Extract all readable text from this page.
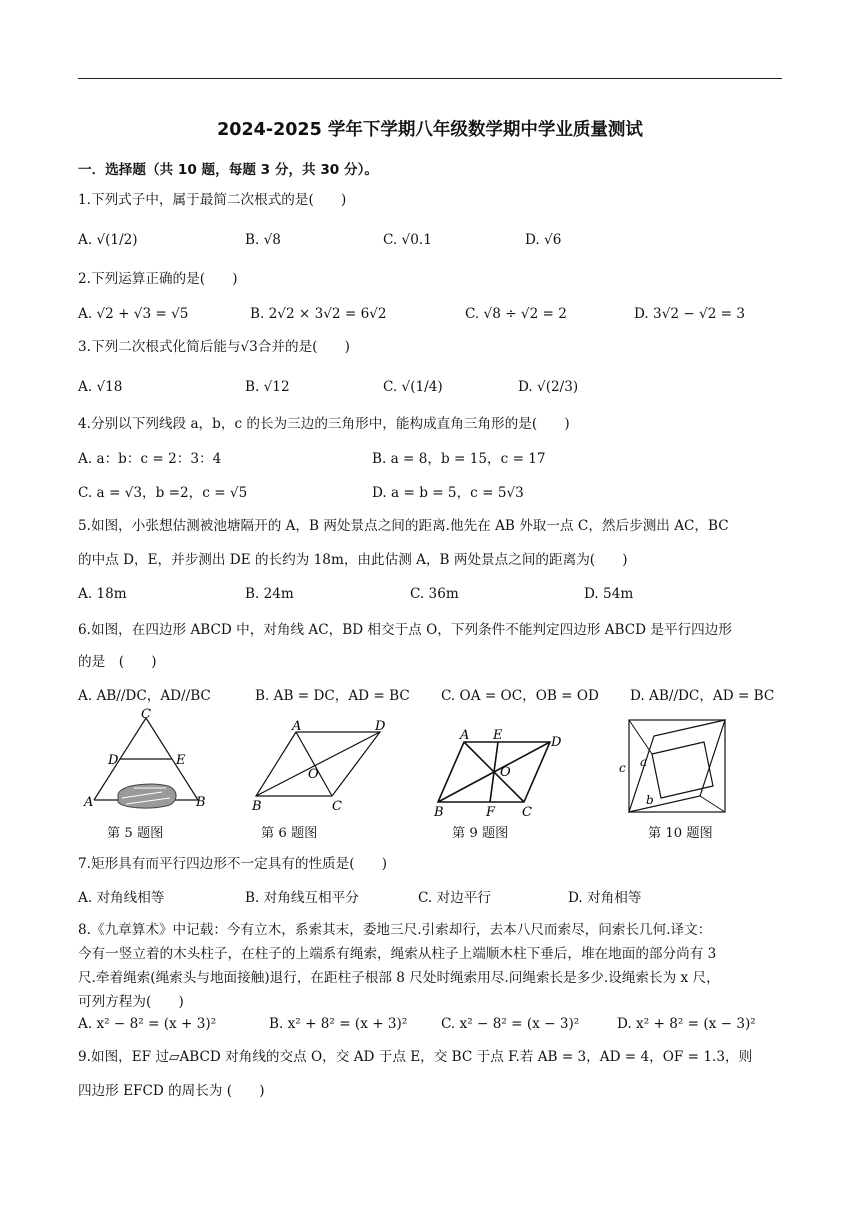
2024-2025 学年下学期八年级数学期中学业质量测试
一．选择题（共 10 题，每题 3 分，共 30 分）。
1.下列式子中，属于最简二次根式的是(　　)
A. √(1/2)	B. √8	C. √0.1	D. √6
2.下列运算正确的是(　　)
A. √2 + √3 = √5	B. 2√2 × 3√2 = 6√2	C. √8 ÷ √2 = 2	D. 3√2 − √2 = 3
3.下列二次根式化简后能与√3合并的是(　　)
A. √18	B. √12	C. √(1/4)	D. √(2/3)
4.分别以下列线段 a，b，c 的长为三边的三角形中，能构成直角三角形的是(　　)
A. a：b：c = 2：3：4	B. a = 8，b = 15，c = 17
C. a = √3，b =2，c = √5	D. a = b = 5，c = 5√3
5.如图，小张想估测被池塘隔开的 A，B 两处景点之间的距离.他先在 AB 外取一点 C，然后步测出 AC，BC
的中点 D，E，并步测出 DE 的长约为 18m，由此估测 A，B 两处景点之间的距离为(　　)
A. 18m	B. 24m	C. 36m	D. 54m
6.如图，在四边形 ABCD 中，对角线 AC，BD 相交于点 O，下列条件不能判定四边形 ABCD 是平行四边形
的是　(　　)
A. AB//DC，AD//BC	B. AB = DC，AD = BC C. OA = OC，OB = OD D. AB//DC，AD = BC
C
D	E
A	B
A	D
O
B	C
A E	D
O
B	F C
c a
b
第 5 题图	第 6 题图	第 9 题图	第 10 题图
7.矩形具有而平行四边形不一定具有的性质是(　　)
A. 对角线相等	B. 对角线互相平分	C. 对边平行	D. 对角相等
8.《九章算术》中记载：今有立木，系索其末，委地三尺.引索却行，去本八尺而索尽，问索长几何.译文：
今有一竖立着的木头柱子，在柱子的上端系有绳索，绳索从柱子上端顺木柱下垂后，堆在地面的部分尚有 3
尺.牵着绳索(绳索头与地面接触)退行，在距柱子根部 8 尺处时绳索用尽.问绳索长是多少.设绳索长为 x 尺，
可列方程为(　　)
A. x² − 8² = (x + 3)²	B. x² + 8² = (x + 3)² C. x² − 8² = (x − 3)²	D. x² + 8² = (x − 3)²
9.如图，EF 过▱ABCD 对角线的交点 O，交 AD 于点 E，交 BC 于点 F.若 AB = 3，AD = 4，OF = 1.3，则
四边形 EFCD 的周长为 (　　)
